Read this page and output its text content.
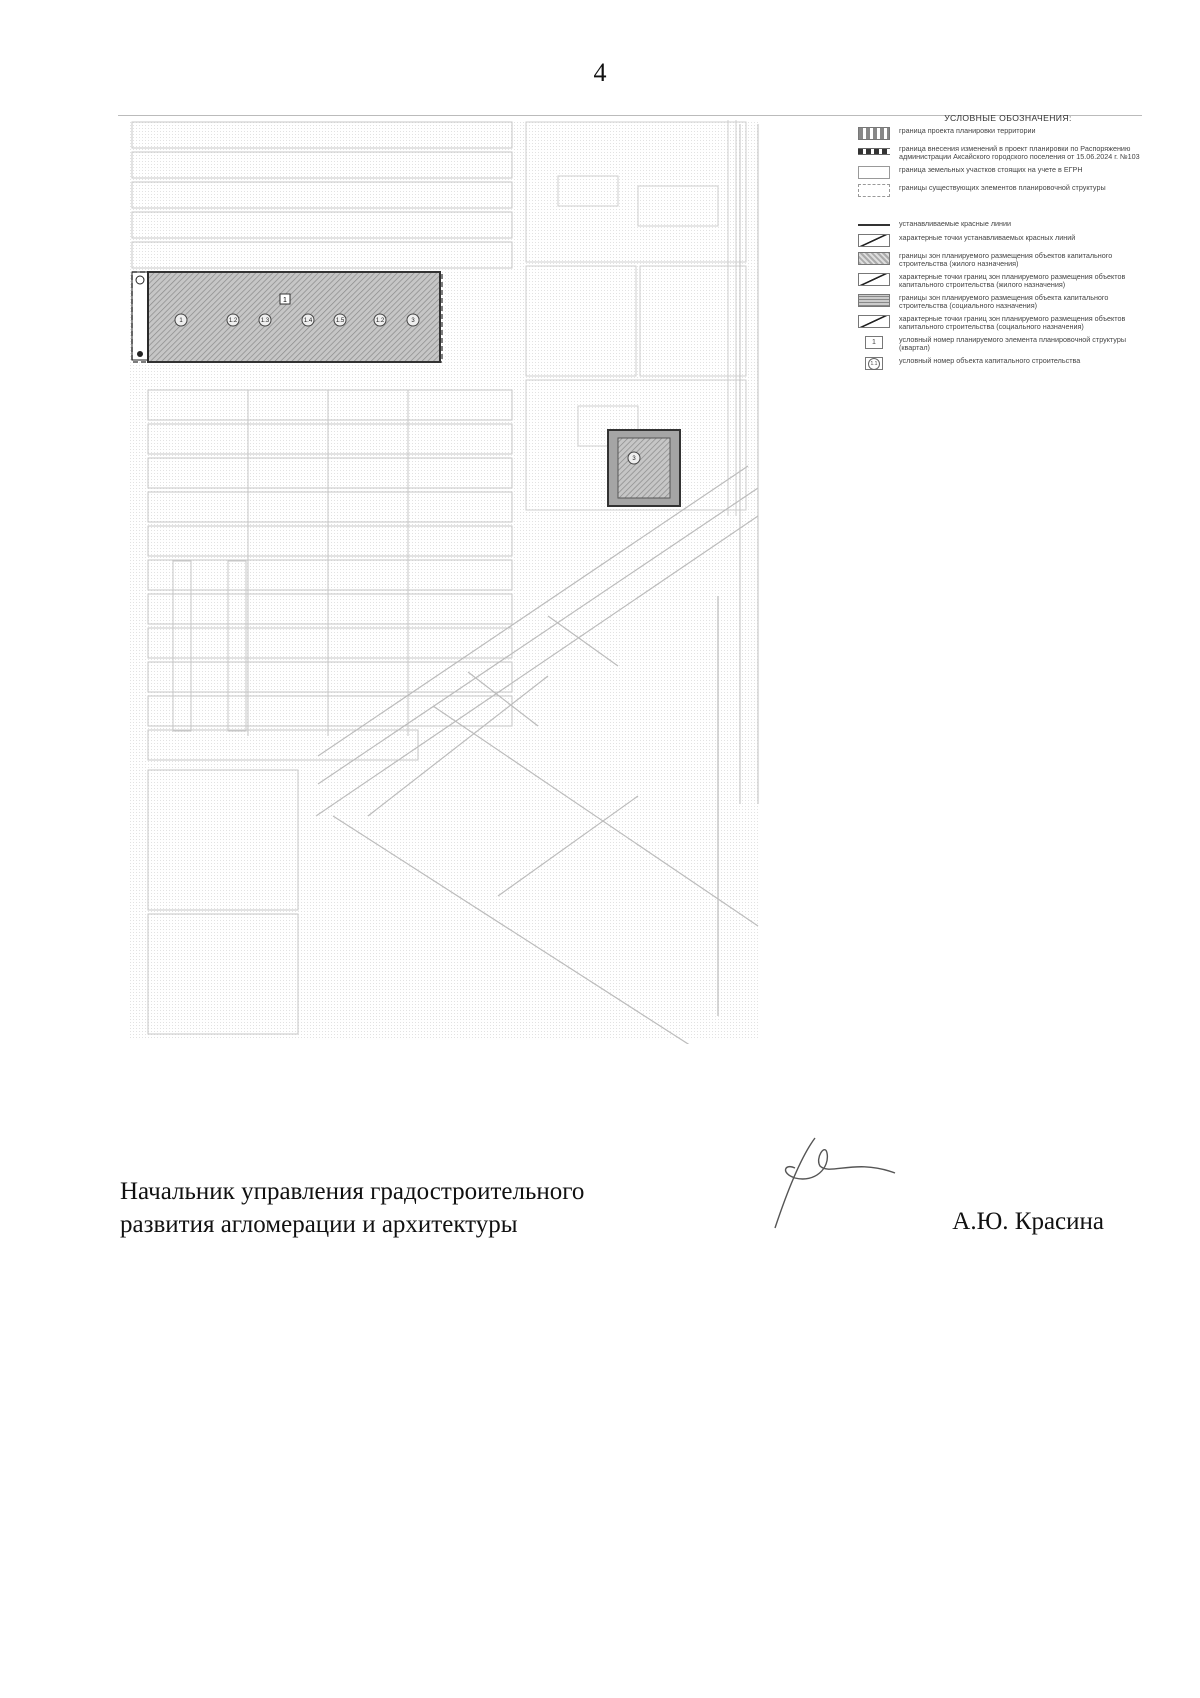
4
1
1	1.2	1.3	1.4	1.5	1.2	3
3
УСЛОВНЫЕ ОБОЗНАЧЕНИЯ:
граница проекта планировки территории
граница внесения изменений в проект планировки по Распоряжению администрации Аксайского городского поселения от 15.06.2024 г. №103
граница земельных участков стоящих на учете в ЕГРН
границы существующих элементов планировочной структуры
устанавливаемые красные линии
характерные точки устанавливаемых красных линий
границы зон планируемого размещения объектов капитального строительства (жилого назначения)
характерные точки границ зон планируемого размещения объектов капитального строительства (жилого назначения)
границы зон планируемого размещения объекта капитального строительства (социального назначения)
характерные точки границ зон планируемого размещения объектов капитального строительства (социального назначения)
1	условный номер планируемого элемента планировочной структуры (квартал)
1.1	условный номер объекта капитального строительства
Начальник управления градостроительного
развития агломерации и архитектуры	А.Ю. Красина
